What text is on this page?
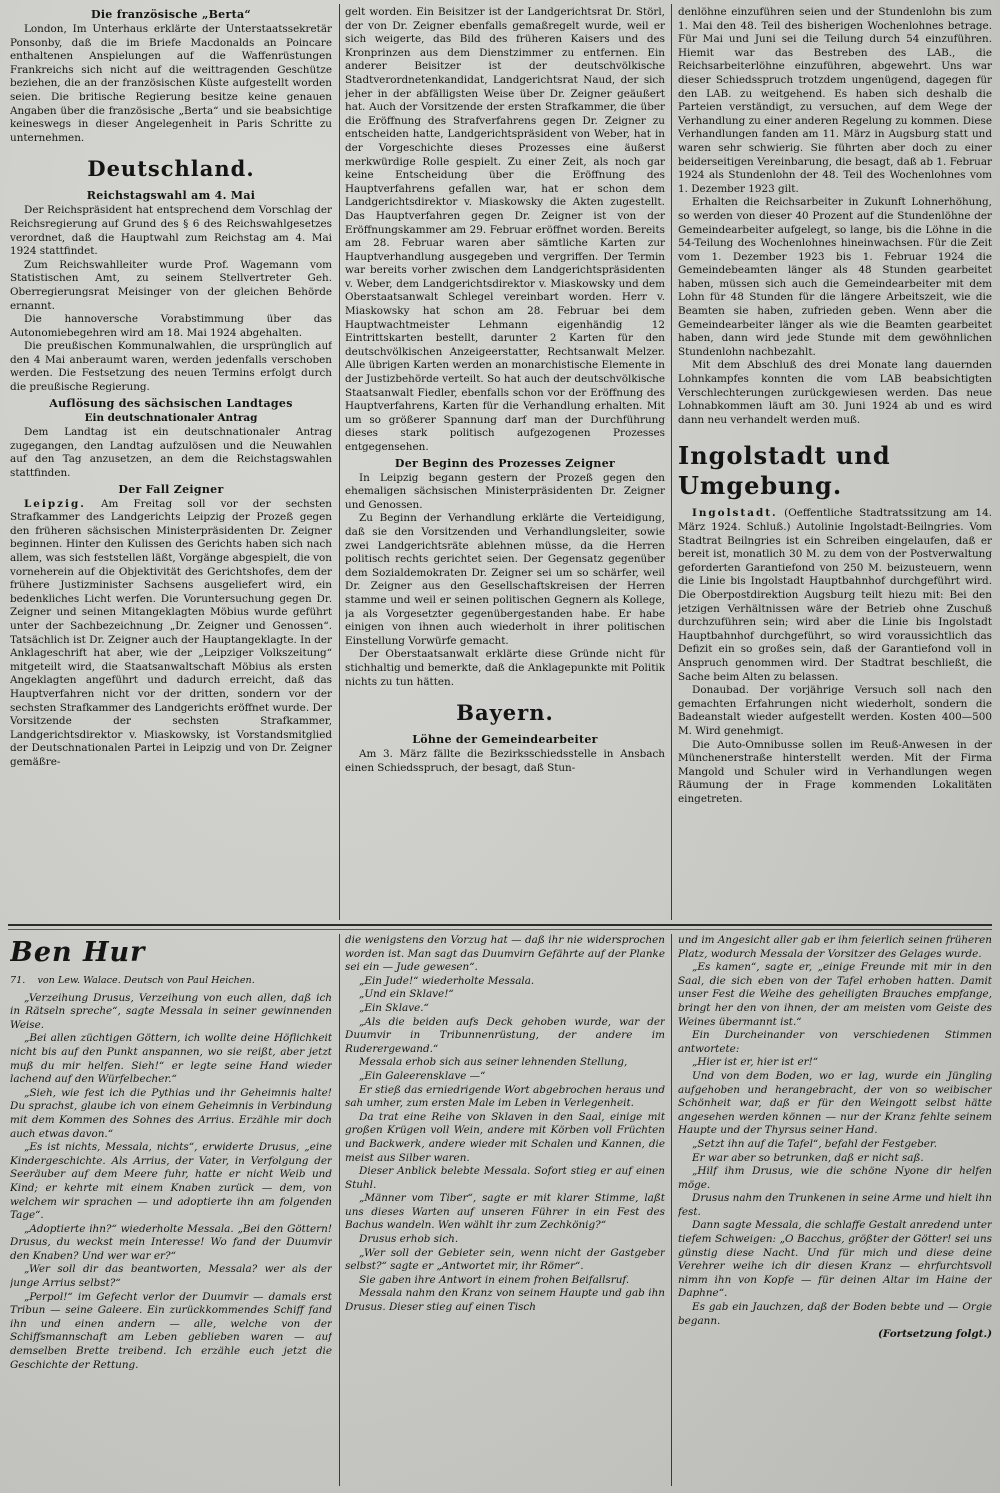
Die französische „Berta“

London, Im Unterhaus erklärte der Unterstaatssekretär Ponsonby, daß die im Briefe Macdonalds an Poincare enthaltenen Anspielungen auf die Waffenrüstungen Frankreichs sich nicht auf die weittragenden Geschütze beziehen, die an der französischen Küste aufgestellt worden seien. Die britische Regierung besitze keine genauen Angaben über die französische „Berta“ und sie beabsichtige keineswegs in dieser Angelegenheit in Paris Schritte zu unternehmen.

Deutschland.
Reichstagswahl am 4. Mai

Der Reichspräsident hat entsprechend dem Vorschlag der Reichsregierung auf Grund des § 6 des Reichswahlgesetzes verordnet, daß die Hauptwahl zum Reichstag am 4. Mai 1924 stattfindet.

Zum Reichswahlleiter wurde Prof. Wagemann vom Statistischen Amt, zu seinem Stellvertreter Geh. Oberregierungsrat Meisinger von der gleichen Behörde ernannt.

Die hannoversche Vorabstimmung über das Autonomiebegehren wird am 18. Mai 1924 abgehalten.

Die preußischen Kommunalwahlen, die ursprünglich auf den 4 Mai anberaumt waren, werden jedenfalls verschoben werden. Die Festsetzung des neuen Termins erfolgt durch die preußische Regierung.

Auflösung des sächsischen Landtages
Ein deutschnationaler Antrag

Dem Landtag ist ein deutschnationaler Antrag zugegangen, den Landtag aufzulösen und die Neuwahlen auf den Tag anzusetzen, an dem die Reichstagswahlen stattfinden.

Der Fall Zeigner

Leipzig. Am Freitag soll vor der sechsten Strafkammer des Landgerichts Leipzig der Prozeß gegen den früheren sächsischen Ministerpräsidenten Dr. Zeigner beginnen. Hinter den Kulissen des Gerichts haben sich nach allem, was sich feststellen läßt, Vorgänge abgespielt, die von vorneherein auf die Objektivität des Gerichtshofes, dem der frühere Justizminister Sachsens ausgeliefert wird, ein bedenkliches Licht werfen. Die Voruntersuchung gegen Dr. Zeigner und seinen Mitangeklagten Möbius wurde geführt unter der Sachbezeichnung „Dr. Zeigner und Genossen“. Tatsächlich ist Dr. Zeigner auch der Hauptangeklagte. In der Anklageschrift hat aber, wie der „Leipziger Volkszeitung“ mitgeteilt wird, die Staatsanwaltschaft Möbius als ersten Angeklagten angeführt und dadurch erreicht, daß das Hauptverfahren nicht vor der dritten, sondern vor der sechsten Strafkammer des Landgerichts eröffnet wurde. Der Vorsitzende der sechsten Strafkammer, Landgerichtsdirektor v. Miaskowsky, ist Vorstandsmitglied der Deutschnationalen Partei in Leipzig und von Dr. Zeigner gemäßre-

gelt worden. Ein Beisitzer ist der Landgerichtsrat Dr. Störl, der von Dr. Zeigner ebenfalls gemaßregelt wurde, weil er sich weigerte, das Bild des früheren Kaisers und des Kronprinzen aus dem Dienstzimmer zu entfernen. Ein anderer Beisitzer ist der deutschvölkische Stadtverordnetenkandidat, Landgerichtsrat Naud, der sich jeher in der abfälligsten Weise über Dr. Zeigner geäußert hat. Auch der Vorsitzende der ersten Strafkammer, die über die Eröffnung des Strafverfahrens gegen Dr. Zeigner zu entscheiden hatte, Landgerichtspräsident von Weber, hat in der Vorgeschichte dieses Prozesses eine äußerst merkwürdige Rolle gespielt. Zu einer Zeit, als noch gar keine Entscheidung über die Eröffnung des Hauptverfahrens gefallen war, hat er schon dem Landgerichtsdirektor v. Miaskowsky die Akten zugestellt. Das Hauptverfahren gegen Dr. Zeigner ist von der Eröffnungskammer am 29. Februar eröffnet worden. Bereits am 28. Februar waren aber sämtliche Karten zur Hauptverhandlung ausgegeben und vergriffen. Der Termin war bereits vorher zwischen dem Landgerichtspräsidenten v. Weber, dem Landgerichtsdirektor v. Miaskowsky und dem Oberstaatsanwalt Schlegel vereinbart worden. Herr v. Miaskowsky hat schon am 28. Februar bei dem Hauptwachtmeister Lehmann eigenhändig 12 Eintrittskarten bestellt, darunter 2 Karten für den deutschvölkischen Anzeigeerstatter, Rechtsanwalt Melzer. Alle übrigen Karten werden an monarchistische Elemente in der Justizbehörde verteilt. So hat auch der deutschvölkische Staatsanwalt Fiedler, ebenfalls schon vor der Eröffnung des Hauptverfahrens, Karten für die Verhandlung erhalten. Mit um so größerer Spannung darf man der Durchführung dieses stark politisch aufgezogenen Prozesses entgegensehen.

Der Beginn des Prozesses Zeigner

In Leipzig begann gestern der Prozeß gegen den ehemaligen sächsischen Ministerpräsidenten Dr. Zeigner und Genossen.

Zu Beginn der Verhandlung erklärte die Verteidigung, daß sie den Vorsitzenden und Verhandlungsleiter, sowie zwei Landgerichtsräte ablehnen müsse, da die Herren politisch rechts gerichtet seien. Der Gegensatz gegenüber dem Sozialdemokraten Dr. Zeigner sei um so schärfer, weil Dr. Zeigner aus den Gesellschaftskreisen der Herren stamme und weil er seinen politischen Gegnern als Kollege, ja als Vorgesetzter gegenübergestanden habe. Er habe einigen von ihnen auch wiederholt in ihrer politischen Einstellung Vorwürfe gemacht.

Der Oberstaatsanwalt erklärte diese Gründe nicht für stichhaltig und bemerkte, daß die Anklagepunkte mit Politik nichts zu tun hätten.

Bayern.
Löhne der Gemeindearbeiter

Am 3. März fällte die Bezirksschiedsstelle in Ansbach einen Schiedsspruch, der besagt, daß Stun-

denlöhne einzuführen seien und der Stundenlohn bis zum 1. Mai den 48. Teil des bisherigen Wochenlohnes betrage. Für Mai und Juni sei die Teilung durch 54 einzuführen. Hiemit war das Bestreben des LAB., die Reichsarbeiterlöhne einzuführen, abgewehrt. Uns war dieser Schiedsspruch trotzdem ungenügend, dagegen für den LAB. zu weitgehend. Es haben sich deshalb die Parteien verständigt, zu versuchen, auf dem Wege der Verhandlung zu einer anderen Regelung zu kommen. Diese Verhandlungen fanden am 11. März in Augsburg statt und waren sehr schwierig. Sie führten aber doch zu einer beiderseitigen Vereinbarung, die besagt, daß ab 1. Februar 1924 als Stundenlohn der 48. Teil des Wochenlohnes vom 1. Dezember 1923 gilt.

Erhalten die Reichsarbeiter in Zukunft Lohnerhöhung, so werden von dieser 40 Prozent auf die Stundenlöhne der Gemeindearbeiter aufgelegt, so lange, bis die Löhne in die 54-Teilung des Wochenlohnes hineinwachsen. Für die Zeit vom 1. Dezember 1923 bis 1. Februar 1924 die Gemeindebeamten länger als 48 Stunden gearbeitet haben, müssen sich auch die Gemeindearbeiter mit dem Lohn für 48 Stunden für die längere Arbeitszeit, wie die Beamten sie haben, zufrieden geben. Wenn aber die Gemeindearbeiter länger als wie die Beamten gearbeitet haben, dann wird jede Stunde mit dem gewöhnlichen Stundenlohn nachbezahlt.

Mit dem Abschluß des drei Monate lang dauernden Lohnkampfes konnten die vom LAB beabsichtigten Verschlechterungen zurückgewiesen werden. Das neue Lohnabkommen läuft am 30. Juni 1924 ab und es wird dann neu verhandelt werden muß.

Ingolstadt und Umgebung.

Ingolstadt. (Oeffentliche Stadtratssitzung am 14. März 1924. Schluß.) Autolinie Ingolstadt-Beilngries. Vom Stadtrat Beilngries ist ein Schreiben eingelaufen, daß er bereit ist, monatlich 30 M. zu dem von der Postverwaltung geforderten Garantiefond von 250 M. beizusteuern, wenn die Linie bis Ingolstadt Hauptbahnhof durchgeführt wird. Die Oberpostdirektion Augsburg teilt hiezu mit: Bei den jetzigen Verhältnissen wäre der Betrieb ohne Zuschuß durchzuführen sein; wird aber die Linie bis Ingolstadt Hauptbahnhof durchgeführt, so wird voraussichtlich das Defizit ein so großes sein, daß der Garantiefond voll in Anspruch genommen wird. Der Stadtrat beschließt, die Sache beim Alten zu belassen.

Donaubad. Der vorjährige Versuch soll nach den gemachten Erfahrungen nicht wiederholt, sondern die Badeanstalt wieder aufgestellt werden. Kosten 400—500 M. Wird genehmigt.

Die Auto-Omnibusse sollen im Reuß-Anwesen in der Münchenerstraße hinterstellt werden. Mit der Firma Mangold und Schuler wird in Verhandlungen wegen Räumung der in Frage kommenden Lokalitäten eingetreten.

Ben Hur
71. von Lew. Walace. Deutsch von Paul Heichen.

„Verzeihung Drusus, Verzeihung von euch allen, daß ich in Rätseln spreche“, sagte Messala in seiner gewinnenden Weise.

„Bei allen züchtigen Göttern, ich wollte deine Höflichkeit nicht bis auf den Punkt anspannen, wo sie reißt, aber jetzt muß du mir helfen. Sieh!“ er legte seine Hand wieder lachend auf den Würfelbecher.“

„Sieh, wie fest ich die Pythias und ihr Geheimnis halte! Du sprachst, glaube ich von einem Geheimnis in Verbindung mit dem Kommen des Sohnes des Arrius. Erzähle mir doch auch etwas davon.“

„Es ist nichts, Messala, nichts“, erwiderte Drusus, „eine Kindergeschichte. Als Arrius, der Vater, in Verfolgung der Seeräuber auf dem Meere fuhr, hatte er nicht Weib und Kind; er kehrte mit einem Knaben zurück — dem, von welchem wir sprachen — und adoptierte ihn am folgenden Tage“.

„Adoptierte ihn?“ wiederholte Messala. „Bei den Göttern! Drusus, du weckst mein Interesse! Wo fand der Duumvir den Knaben? Und wer war er?“

„Wer soll dir das beantworten, Messala? wer als der junge Arrius selbst?“

„Perpol!“ im Gefecht verlor der Duumvir — damals erst Tribun — seine Galeere. Ein zurückkommendes Schiff fand ihn und einen andern — alle, welche von der Schiffsmannschaft am Leben geblieben waren — auf demselben Brette treibend. Ich erzähle euch jetzt die Geschichte der Rettung.

die wenigstens den Vorzug hat — daß ihr nie widersprochen worden ist. Man sagt das Duumvirn Gefährte auf der Planke sei ein — Jude gewesen“.

„Ein Jude!“ wiederholte Messala.

„Und ein Sklave!“

„Ein Sklave.“

„Als die beiden aufs Deck gehoben wurde, war der Duumvir in Tribunnenrüstung, der andere im Ruderergewand.“

Messala erhob sich aus seiner lehnenden Stellung,

„Ein Galeerensklave —“

Er stieß das erniedrigende Wort abgebrochen heraus und sah umher, zum ersten Male im Leben in Verlegenheit.

Da trat eine Reihe von Sklaven in den Saal, einige mit großen Krügen voll Wein, andere mit Körben voll Früchten und Backwerk, andere wieder mit Schalen und Kannen, die meist aus Silber waren.

Dieser Anblick belebte Messala. Sofort stieg er auf einen Stuhl.

„Männer vom Tiber“, sagte er mit klarer Stimme, laßt uns dieses Warten auf unseren Führer in ein Fest des Bachus wandeln. Wen wählt ihr zum Zechkönig?“

Drusus erhob sich.

„Wer soll der Gebieter sein, wenn nicht der Gastgeber selbst?“ sagte er „Antwortet mir, ihr Römer“.

Sie gaben ihre Antwort in einem frohen Beifallsruf.

Messala nahm den Kranz von seinem Haupte und gab ihn Drusus. Dieser stieg auf einen Tisch

und im Angesicht aller gab er ihm feierlich seinen früheren Platz, wodurch Messala der Vorsitzer des Gelages wurde.

„Es kamen“, sagte er, „einige Freunde mit mir in den Saal, die sich eben von der Tafel erhoben hatten. Damit unser Fest die Weihe des geheiligten Brauches empfange, bringt her den von ihnen, der am meisten vom Geiste des Weines übermannt ist.“

Ein Durcheinander von verschiedenen Stimmen antwortete:

„Hier ist er, hier ist er!“

Und von dem Boden, wo er lag, wurde ein Jüngling aufgehoben und herangebracht, der von so weibischer Schönheit war, daß er für den Weingott selbst hätte angesehen werden können — nur der Kranz fehlte seinem Haupte und der Thyrsus seiner Hand.

„Setzt ihn auf die Tafel“, befahl der Festgeber.

Er war aber so betrunken, daß er nicht saß.

„Hilf ihm Drusus, wie die schöne Nyone dir helfen möge.

Drusus nahm den Trunkenen in seine Arme und hielt ihn fest.

Dann sagte Messala, die schlaffe Gestalt anredend unter tiefem Schweigen: „O Bacchus, größter der Götter! sei uns günstig diese Nacht. Und für mich und diese deine Verehrer weihe ich dir diesen Kranz — ehrfurchtsvoll nimm ihn von Kopfe — für deinen Altar im Haine der Daphne“.

Es gab ein Jauchzen, daß der Boden bebte und — Orgie begann.

(Fortsetzung folgt.)
